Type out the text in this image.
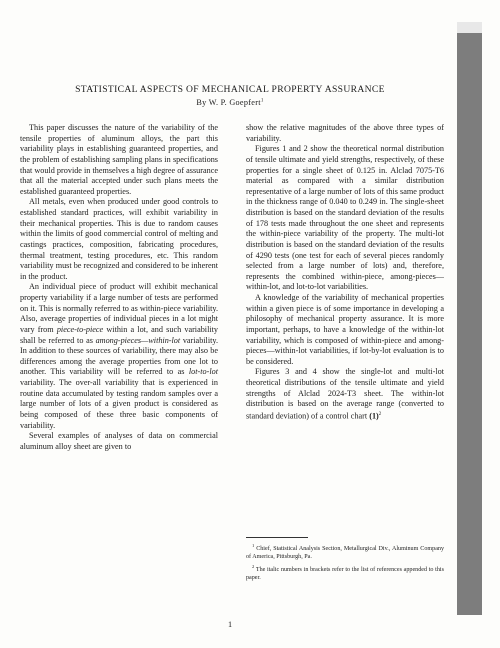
STATISTICAL ASPECTS OF MECHANICAL PROPERTY ASSURANCE
By W. P. Goepfert$^1$

This paper discusses the nature of the variability of the tensile properties of aluminum alloys, the part this variability plays in establishing guaranteed properties, and the problem of establishing sampling plans in specifications that would provide in themselves a high degree of assurance that all the material accepted under such plans meets the established guaranteed properties.

All metals, even when produced under good controls to established standard practices, will exhibit variability in their mechanical properties. This is due to random causes within the limits of good commercial control of melting and castings practices, composition, fabricating procedures, thermal treatment, testing procedures, etc. This random variability must be recognized and considered to be inherent in the product.

An individual piece of product will exhibit mechanical property variability if a large number of tests are performed on it. This is normally referred to as within-piece variability. Also, average properties of individual pieces in a lot might vary from piece-to-piece within a lot, and such variability shall be referred to as among-pieces—within-lot variability. In addition to these sources of variability, there may also be differences among the average properties from one lot to another. This variability will be referred to as lot-to-lot variability. The over-all variability that is experienced in routine data accumulated by testing random samples over a large number of lots of a given product is considered as being composed of these three basic components of variability.

Several examples of analyses of data on commercial aluminum alloy sheet are given to

show the relative magnitudes of the above three types of variability.

Figures 1 and 2 show the theoretical normal distribution of tensile ultimate and yield strengths, respectively, of these properties for a single sheet of 0.125 in. Alclad 7075-T6 material as compared with a similar distribution representative of a large number of lots of this same product in the thickness range of 0.040 to 0.249 in. The single-sheet distribution is based on the standard deviation of the results of 178 tests made throughout the one sheet and represents the within-piece variability of the property. The multi-lot distribution is based on the standard deviation of the results of 4290 tests (one test for each of several pieces randomly selected from a large number of lots) and, therefore, represents the combined within-piece, among-pieces—within-lot, and lot-to-lot variabilities.

A knowledge of the variability of mechanical properties within a given piece is of some importance in developing a philosophy of mechanical property assurance. It is more important, perhaps, to have a knowledge of the within-lot variability, which is composed of within-piece and among-pieces—within-lot variabilities, if lot-by-lot evaluation is to be considered.

Figures 3 and 4 show the single-lot and multi-lot theoretical distributions of the tensile ultimate and yield strengths of Alclad 2024-T3 sheet. The within-lot distribution is based on the average range (converted to standard deviation) of a control chart $(1)^2$

$^1$ Chief, Statistical Analysis Section, Metallurgical Div., Aluminum Company of America, Pittsburgh, Pa.

$^2$ The italic numbers in brackets refer to the list of references appended to this paper.

1
